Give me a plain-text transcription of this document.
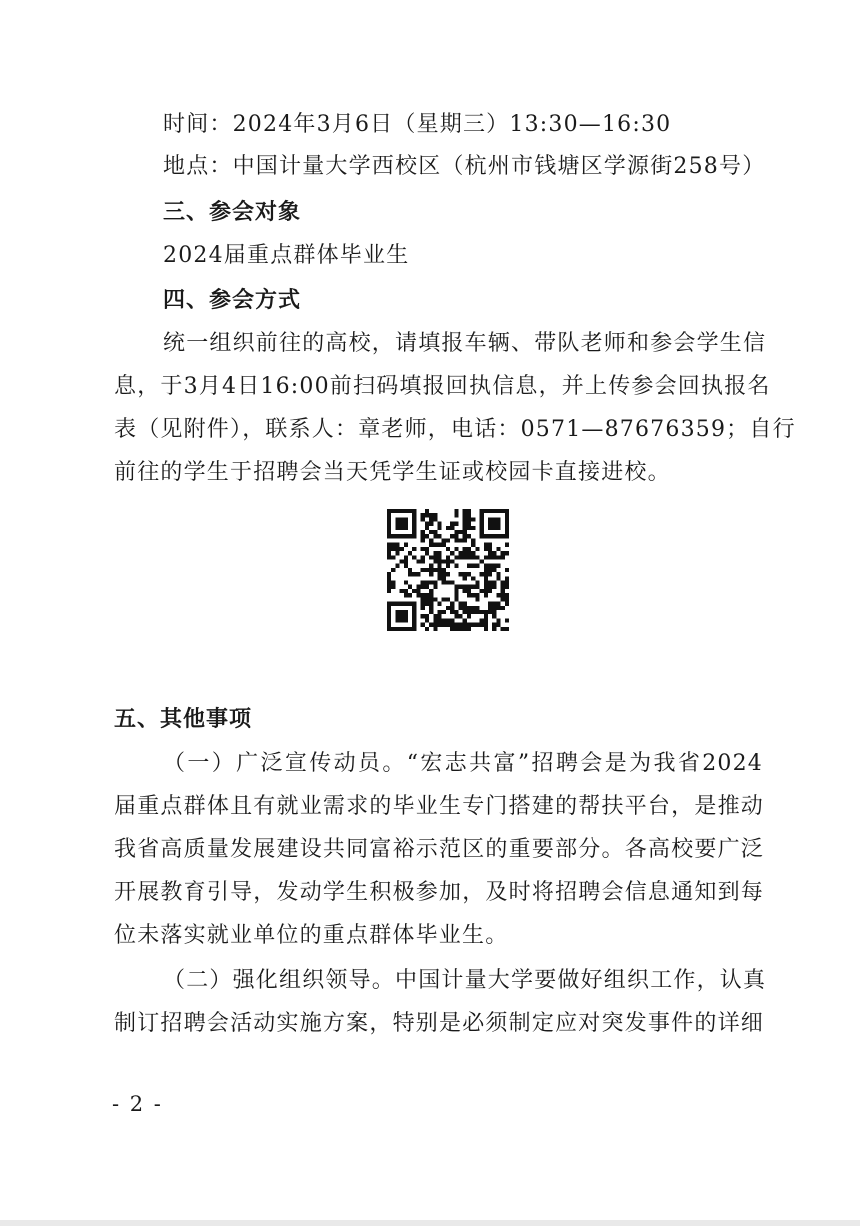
时间：2024年3月6日（星期三）13:30—16:30
地点：中国计量大学西校区（杭州市钱塘区学源街258号）
三、参会对象
2024届重点群体毕业生
四、参会方式
统一组织前往的高校，请填报车辆、带队老师和参会学生信
息，于3月4日16:00前扫码填报回执信息，并上传参会回执报名
表（见附件），联系人：章老师，电话：0571—87676359；自行
前往的学生于招聘会当天凭学生证或校园卡直接进校。
五、其他事项
（一）广泛宣传动员。“宏志共富”招聘会是为我省2024
届重点群体且有就业需求的毕业生专门搭建的帮扶平台，是推动
我省高质量发展建设共同富裕示范区的重要部分。各高校要广泛
开展教育引导，发动学生积极参加，及时将招聘会信息通知到每
位未落实就业单位的重点群体毕业生。
（二）强化组织领导。中国计量大学要做好组织工作，认真
制订招聘会活动实施方案，特别是必须制定应对突发事件的详细
- 2 -
